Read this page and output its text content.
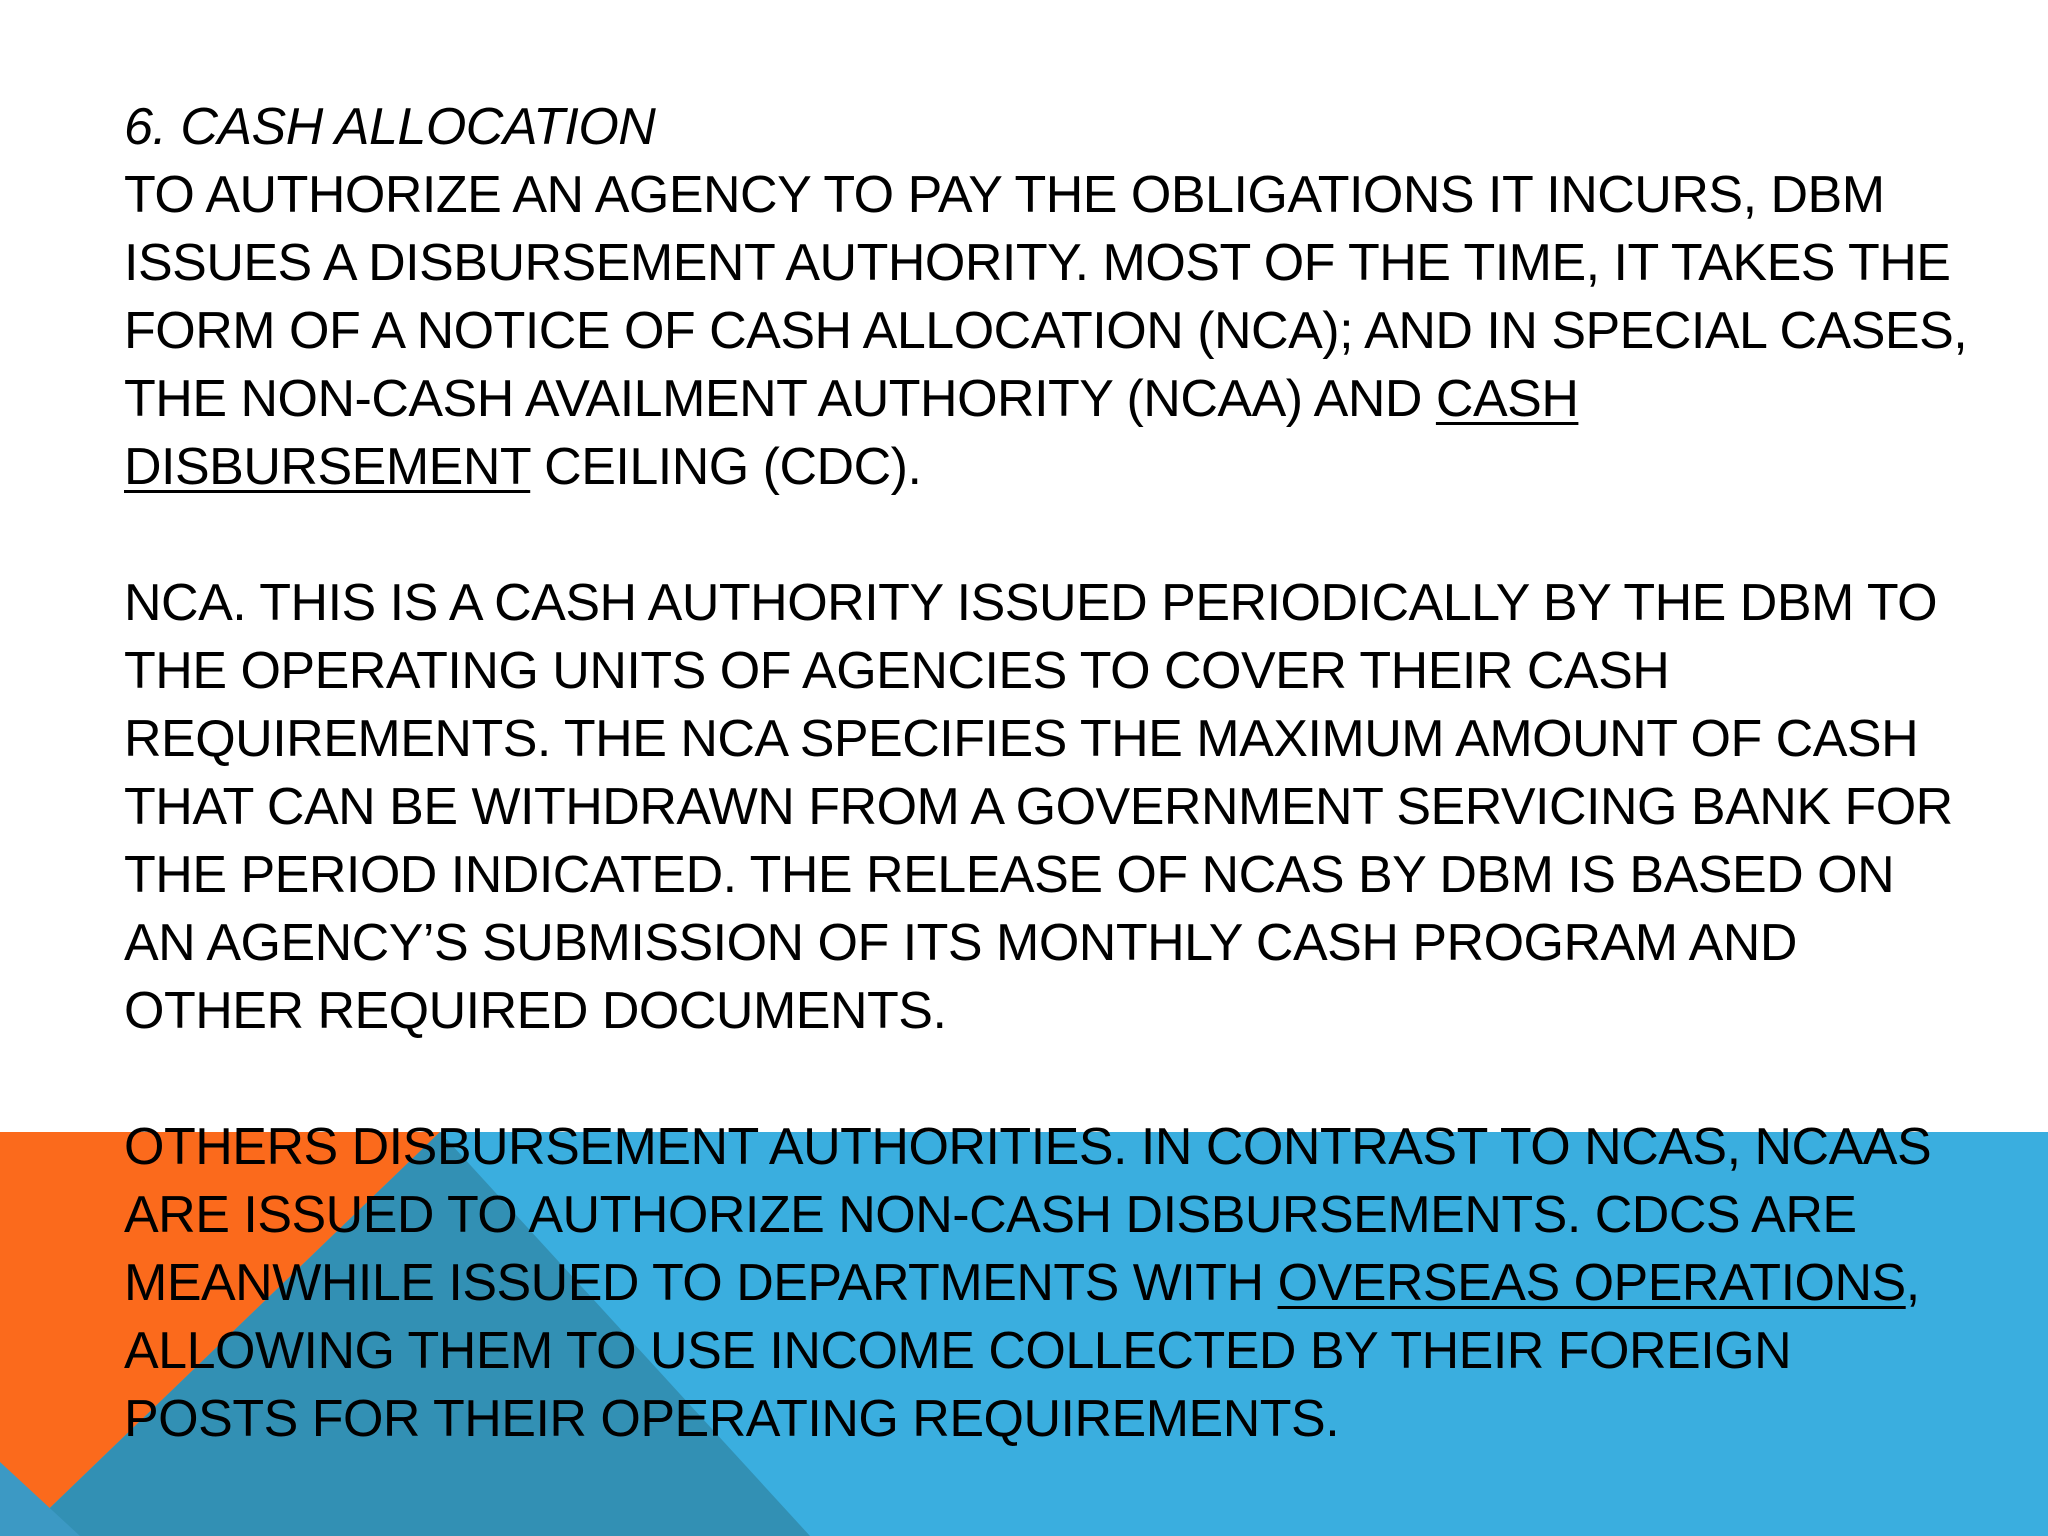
6. CASH ALLOCATION

TO AUTHORIZE AN AGENCY TO PAY THE OBLIGATIONS IT INCURS, DBM ISSUES A DISBURSEMENT AUTHORITY. MOST OF THE TIME, IT TAKES THE FORM OF A NOTICE OF CASH ALLOCATION (NCA); AND IN SPECIAL CASES, THE NON-CASH AVAILMENT AUTHORITY (NCAA) AND CASH DISBURSEMENT CEILING (CDC).

NCA. THIS IS A CASH AUTHORITY ISSUED PERIODICALLY BY THE DBM TO THE OPERATING UNITS OF AGENCIES TO COVER THEIR CASH REQUIREMENTS. THE NCA SPECIFIES THE MAXIMUM AMOUNT OF CASH THAT CAN BE WITHDRAWN FROM A GOVERNMENT SERVICING BANK FOR THE PERIOD INDICATED. THE RELEASE OF NCAS BY DBM IS BASED ON AN AGENCY’S SUBMISSION OF ITS MONTHLY CASH PROGRAM AND OTHER REQUIRED DOCUMENTS.

OTHERS DISBURSEMENT AUTHORITIES. IN CONTRAST TO NCAS, NCAAS ARE ISSUED TO AUTHORIZE NON-CASH DISBURSEMENTS. CDCS ARE MEANWHILE ISSUED TO DEPARTMENTS WITH OVERSEAS OPERATIONS, ALLOWING THEM TO USE INCOME COLLECTED BY THEIR FOREIGN POSTS FOR THEIR OPERATING REQUIREMENTS.
